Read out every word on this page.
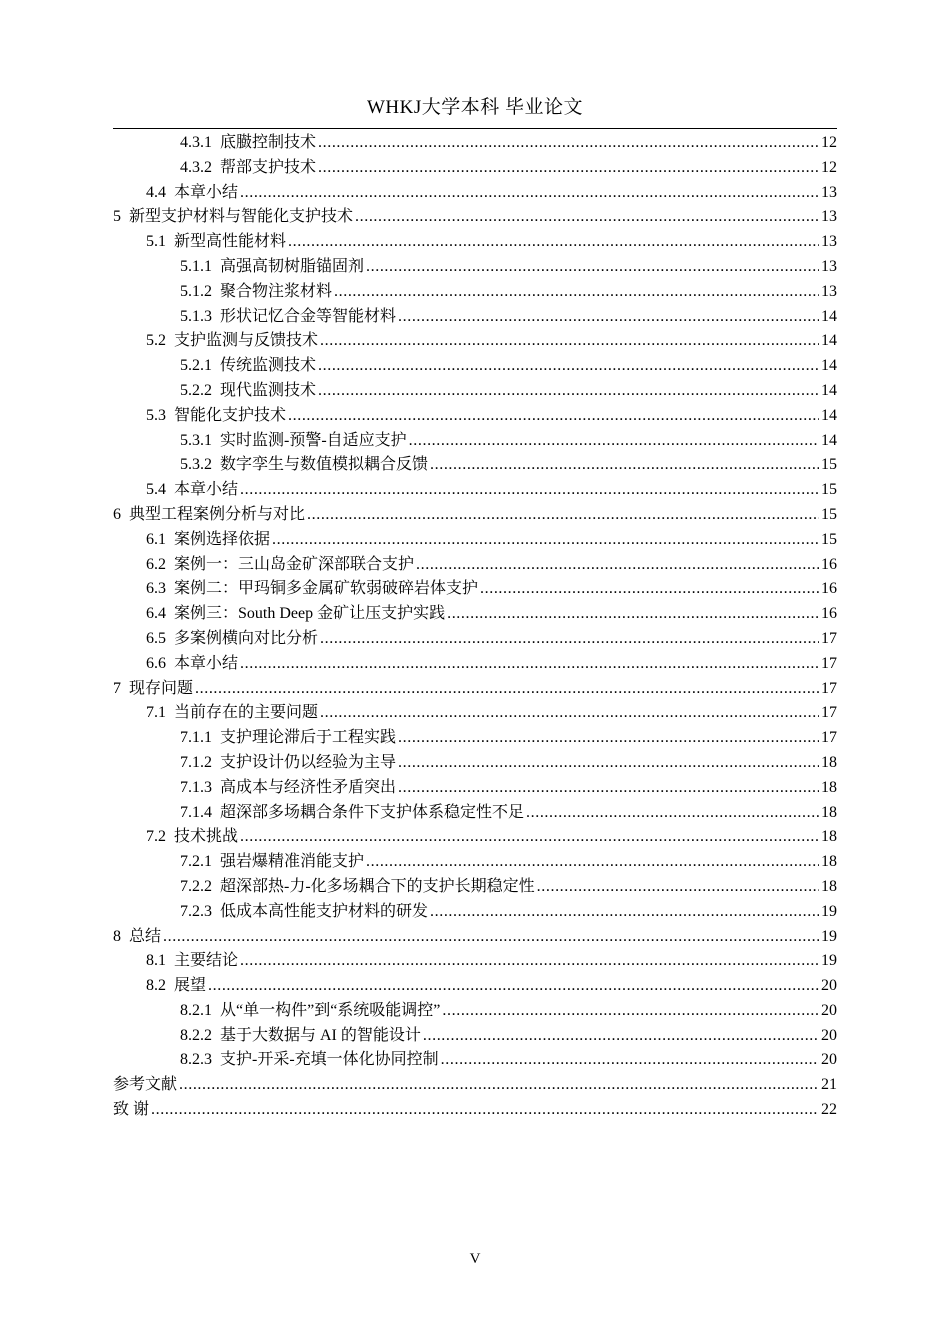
WHKJ大学本科 毕业论文
4.3.1 底臌控制技术 .....	12
4.3.2 帮部支护技术 .....	12
4.4 本章小结 .....	13
5 新型支护材料与智能化支护技术 .....	13
5.1 新型高性能材料 .....	13
5.1.1 高强高韧树脂锚固剂 .....	13
5.1.2 聚合物注浆材料 .....	13
5.1.3 形状记忆合金等智能材料 .....	14
5.2 支护监测与反馈技术 .....	14
5.2.1 传统监测技术 .....	14
5.2.2 现代监测技术 .....	14
5.3 智能化支护技术 .....	14
5.3.1 实时监测-预警-自适应支护 .....	14
5.3.2 数字孪生与数值模拟耦合反馈 .....	15
5.4 本章小结 .....	15
6 典型工程案例分析与对比 .....	15
6.1 案例选择依据 .....	15
6.2 案例一：三山岛金矿深部联合支护 .....	16
6.3 案例二：甲玛铜多金属矿软弱破碎岩体支护 .....	16
6.4 案例三：South Deep 金矿让压支护实践 .....	16
6.5 多案例横向对比分析 .....	17
6.6 本章小结 .....	17
7 现存问题 .....	17
7.1 当前存在的主要问题 .....	17
7.1.1 支护理论滞后于工程实践 .....	17
7.1.2 支护设计仍以经验为主导 .....	18
7.1.3 高成本与经济性矛盾突出 .....	18
7.1.4 超深部多场耦合条件下支护体系稳定性不足 .....	18
7.2 技术挑战 .....	18
7.2.1 强岩爆精准消能支护 .....	18
7.2.2 超深部热-力-化多场耦合下的支护长期稳定性 .....	18
7.2.3 低成本高性能支护材料的研发 .....	19
8 总结 .....	19
8.1 主要结论 .....	19
8.2 展望 .....	20
8.2.1 从“单一构件”到“系统吸能调控” .....	20
8.2.2 基于大数据与 AI 的智能设计 .....	20
8.2.3 支护-开采-充填一体化协同控制 .....	20
参考文献 .....	21
致 谢 .....	22
V
